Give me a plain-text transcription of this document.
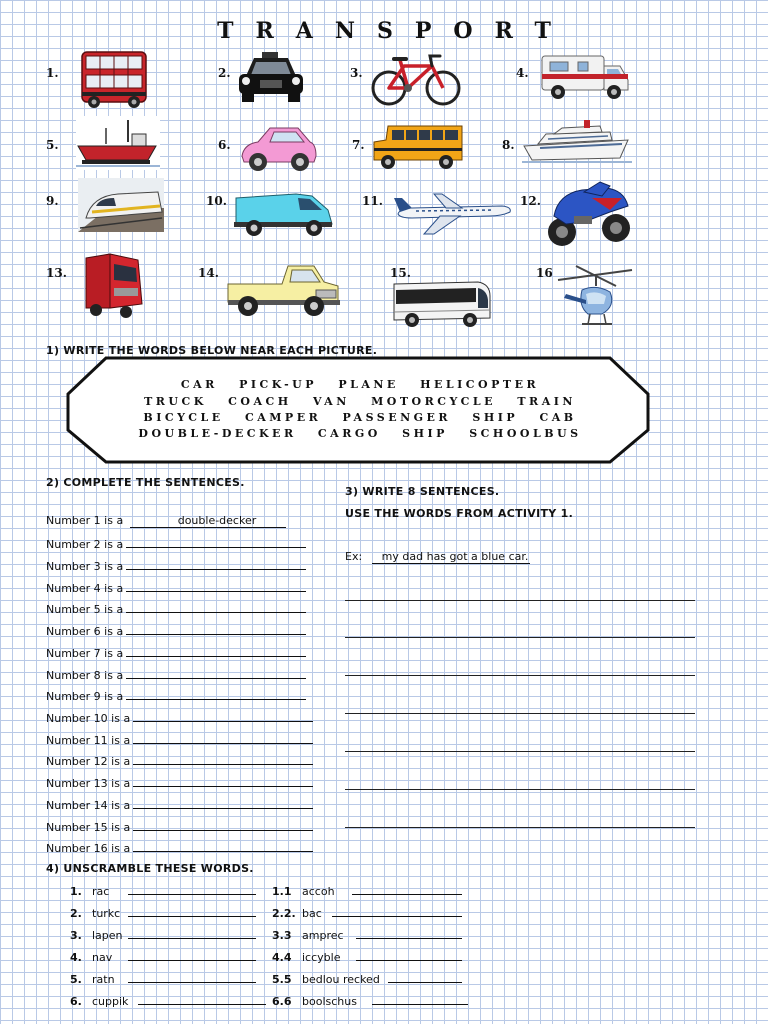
TRANSPORT
1.	2.	3.	4.
5.	6.	7.	8.
9.	10.	11.	12.
13.	14.	15.	16
1) WRITE THE WORDS BELOW NEAR EACH PICTURE.
CAR PICK-UP PLANE HELICOPTER
TRUCK COACH VAN MOTORCYCLE TRAIN
BICYCLE CAMPER PASSENGER SHIP CAB
DOUBLE-DECKER CARGO SHIP SCHOOLBUS
2) COMPLETE THE SENTENCES.
Number 1 is a	double-decker
Number 2 is a
Number 3 is a
Number 4 is a
Number 5 is a
Number 6 is a
Number 7 is a
Number 8 is a
Number 9 is a
Number 10 is a
Number 11 is a
Number 12 is a
Number 13 is a
Number 14 is a
Number 15 is a
Number 16 is a
3) WRITE 8 SENTENCES.
USE THE WORDS FROM ACTIVITY 1.
Ex: my dad has got a blue car.
4) UNSCRAMBLE THESE WORDS.
1. rac
2. turkc
3. lapen
4. nav
5. ratn
6. cuppik
1.1 accoh
2.2. bac
3.3 amprec
4.4 iccyble
5.5 bedlou recked
6.6 boolschus
